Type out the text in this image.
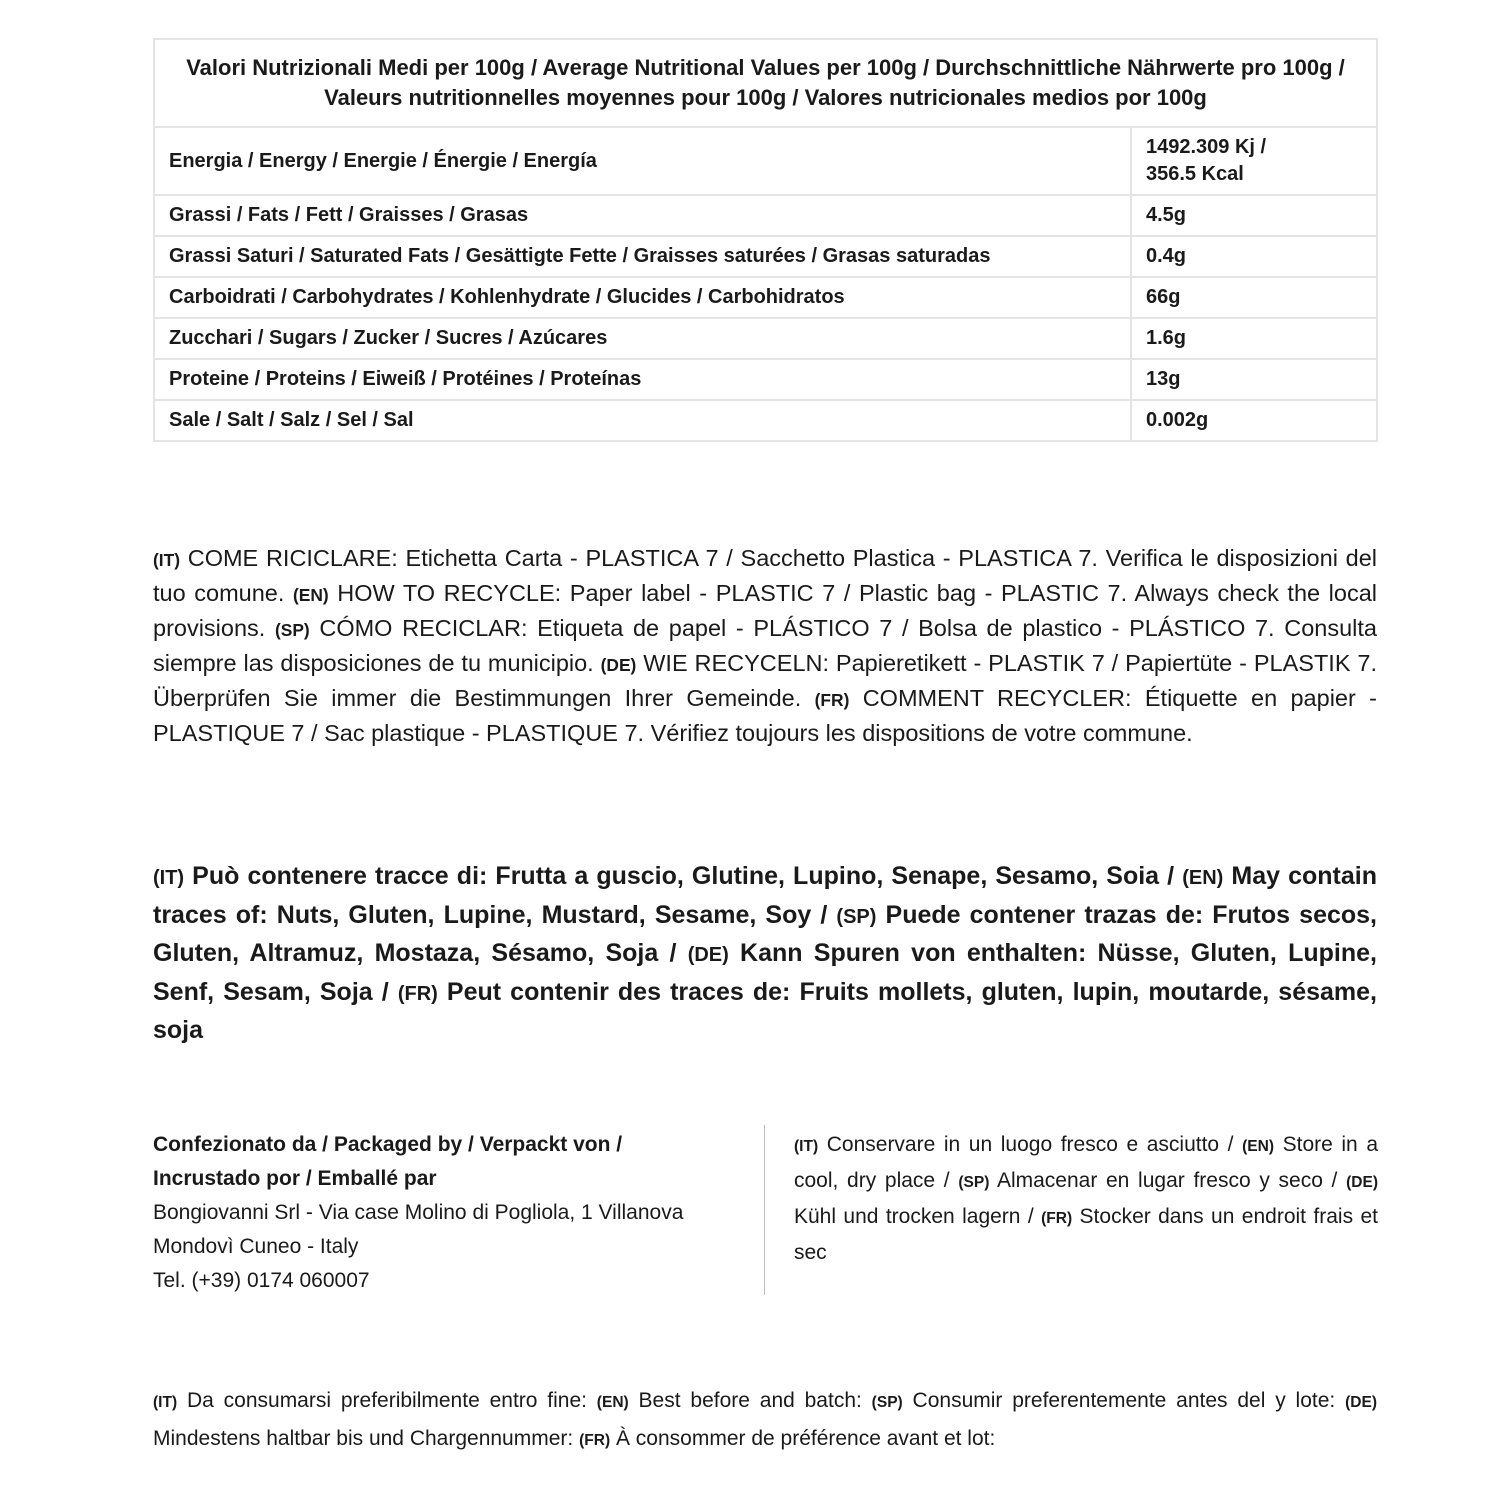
Valori Nutrizionali Medi per 100g / Average Nutritional Values per 100g / Durchschnittliche Nährwerte pro 100g / Valeurs nutritionnelles moyennes pour 100g / Valores nutricionales medios por 100g	
Energia / Energy / Energie / Énergie / Energía	1492.309 Kj /
356.5 Kcal
Grassi / Fats / Fett / Graisses / Grasas	4.5g
Grassi Saturi / Saturated Fats / Gesättigte Fette / Graisses saturées / Grasas saturadas	0.4g
Carboidrati / Carbohydrates / Kohlenhydrate / Glucides / Carbohidratos	66g
Zucchari / Sugars / Zucker / Sucres / Azúcares	1.6g
Proteine / Proteins / Eiweiß / Protéines / Proteínas	13g
Sale / Salt / Salz / Sel / Sal	0.002g
(IT) COME RICICLARE: Etichetta Carta - PLASTICA 7 / Sacchetto Plastica - PLASTICA 7. Verifica le disposizioni del tuo comune. (EN) HOW TO RECYCLE: Paper label - PLASTIC 7 / Plastic bag - PLASTIC 7. Always check the local provisions. (SP) CÓMO RECICLAR: Etiqueta de papel - PLÁSTICO 7 / Bolsa de plastico - PLÁSTICO 7. Consulta siempre las disposiciones de tu municipio. (DE) WIE RECYCELN: Papieretikett - PLASTIK 7 / Papiertüte - PLASTIK 7. Überprüfen Sie immer die Bestimmungen Ihrer Gemeinde. (FR) COMMENT RECYCLER: Étiquette en papier - PLASTIQUE 7 / Sac plastique - PLASTIQUE 7. Vérifiez toujours les dispositions de votre commune.
(IT) Può contenere tracce di: Frutta a guscio, Glutine, Lupino, Senape, Sesamo, Soia / (EN) May contain traces of: Nuts, Gluten, Lupine, Mustard, Sesame, Soy / (SP) Puede contener trazas de: Frutos secos, Gluten, Altramuz, Mostaza, Sésamo, Soja / (DE) Kann Spuren von enthalten: Nüsse, Gluten, Lupine, Senf, Sesam, Soja / (FR) Peut contenir des traces de: Fruits mollets, gluten, lupin, moutarde, sésame, soja
Confezionato da / Packaged by / Verpackt von /
Incrustado por / Emballé par
Bongiovanni Srl - Via case Molino di Pogliola, 1 Villanova
Mondovì Cuneo - Italy
Tel. (+39) 0174 060007
(IT) Conservare in un luogo fresco e asciutto / (EN) Store in a cool, dry place / (SP) Almacenar en lugar fresco y seco / (DE) Kühl und trocken lagern / (FR) Stocker dans un endroit frais et sec
(IT) Da consumarsi preferibilmente entro fine: (EN) Best before and batch: (SP) Consumir preferentemente antes del y lote: (DE) Mindestens haltbar bis und Chargennummer: (FR) À consommer de préférence avant et lot:
